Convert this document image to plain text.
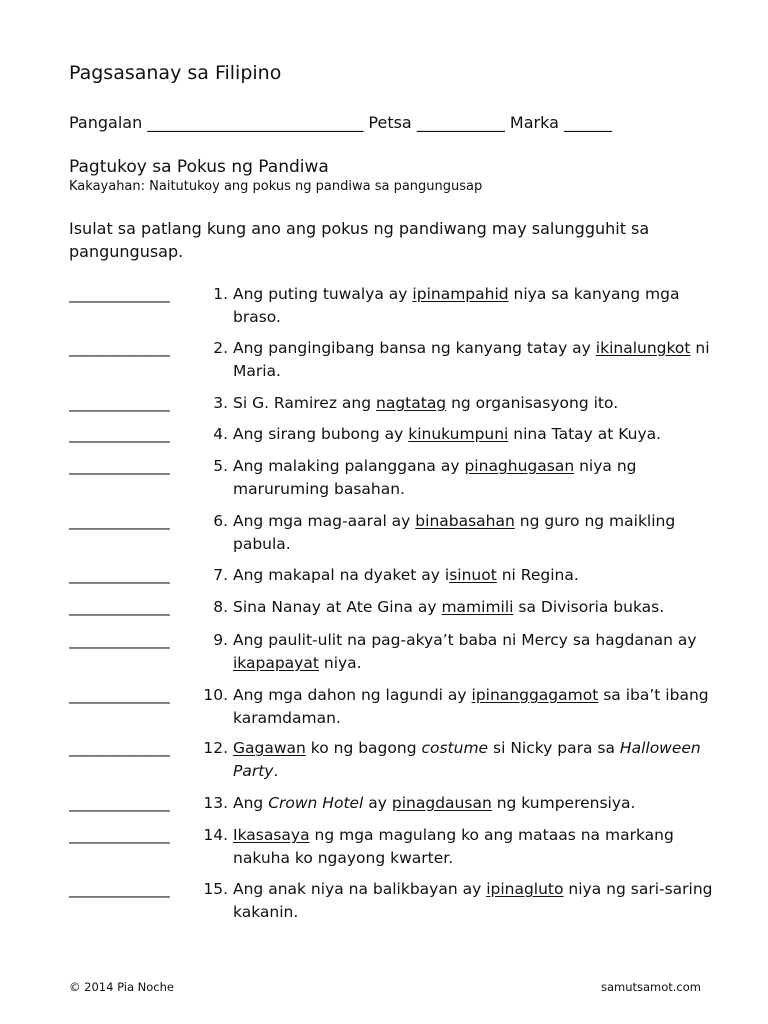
Pagsasanay sa Filipino
Pangalan ___________________________ Petsa ___________ Marka ______
Pagtukoy sa Pokus ng Pandiwa
Kakayahan: Naitutukoy ang pokus ng pandiwa sa pangungusap
Isulat sa patlang kung ano ang pokus ng pandiwang may salungguhit sa pangungusap.
_____________	1. Ang puting tuwalya ay ipinampahid niya sa kanyang mga braso.
_____________	2. Ang pangingibang bansa ng kanyang tatay ay ikinalungkot ni Maria.
_____________	3. Si G. Ramirez ang nagtatag ng organisasyong ito.
_____________	4. Ang sirang bubong ay kinukumpuni nina Tatay at Kuya.
_____________	5. Ang malaking palanggana ay pinaghugasan niya ng maruruming basahan.
_____________	6. Ang mga mag-aaral ay binabasahan ng guro ng maikling pabula.
_____________	7. Ang makapal na dyaket ay isinuot ni Regina.
_____________	8. Sina Nanay at Ate Gina ay mamimili sa Divisoria bukas.
_____________	9. Ang paulit-ulit na pag-akya’t baba ni Mercy sa hagdanan ay ikapapayat niya.
_____________	10. Ang mga dahon ng lagundi ay ipinanggagamot sa iba’t ibang karamdaman.
_____________	12. Gagawan ko ng bagong costume si Nicky para sa Halloween Party.
_____________	13. Ang Crown Hotel ay pinagdausan ng kumperensiya.
_____________	14. Ikasasaya ng mga magulang ko ang mataas na markang nakuha ko ngayong kwarter.
_____________	15. Ang anak niya na balikbayan ay ipinagluto niya ng sari-saring kakanin.
© 2014 Pia Noche	samutsamot.com
